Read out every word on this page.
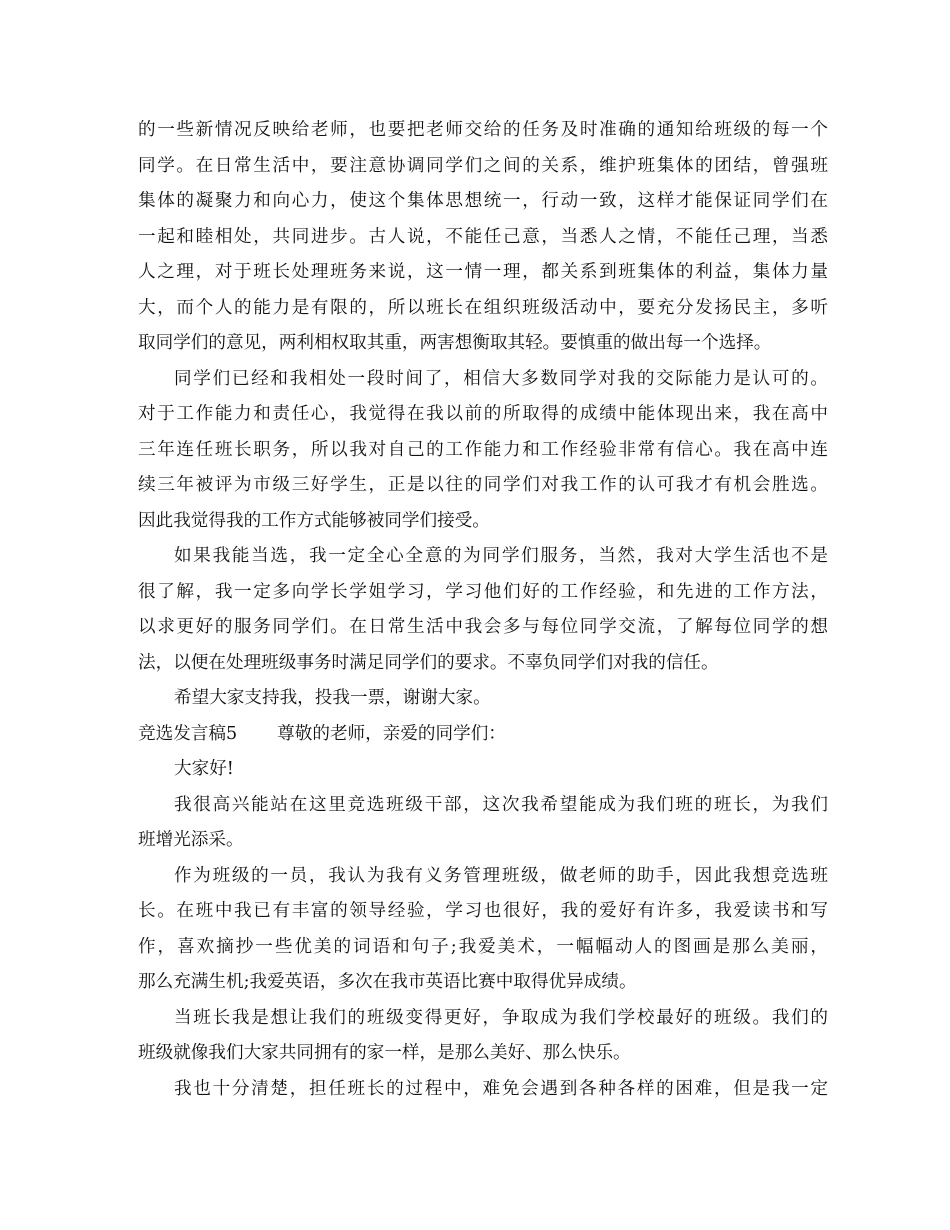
的一些新情况反映给老师，也要把老师交给的任务及时准确的通知给班级的每一个
同学。在日常生活中，要注意协调同学们之间的关系，维护班集体的团结，曾强班
集体的凝聚力和向心力，使这个集体思想统一，行动一致，这样才能保证同学们在
一起和睦相处，共同进步。古人说，不能任己意，当悉人之情，不能任己理，当悉
人之理，对于班长处理班务来说，这一情一理，都关系到班集体的利益，集体力量
大，而个人的能力是有限的，所以班长在组织班级活动中，要充分发扬民主，多听
取同学们的意见，两利相权取其重，两害想衡取其轻。要慎重的做出每一个选择。
同学们已经和我相处一段时间了，相信大多数同学对我的交际能力是认可的。
对于工作能力和责任心，我觉得在我以前的所取得的成绩中能体现出来，我在高中
三年连任班长职务，所以我对自己的工作能力和工作经验非常有信心。我在高中连
续三年被评为市级三好学生，正是以往的同学们对我工作的认可我才有机会胜选。
因此我觉得我的工作方式能够被同学们接受。
如果我能当选，我一定全心全意的为同学们服务，当然，我对大学生活也不是
很了解，我一定多向学长学姐学习，学习他们好的工作经验，和先进的工作方法，
以求更好的服务同学们。在日常生活中我会多与每位同学交流，了解每位同学的想
法，以便在处理班级事务时满足同学们的要求。不辜负同学们对我的信任。
希望大家支持我，投我一票，谢谢大家。
竞选发言稿5 尊敬的老师，亲爱的同学们：
大家好!
我很高兴能站在这里竞选班级干部，这次我希望能成为我们班的班长，为我们
班增光添采。
作为班级的一员，我认为我有义务管理班级，做老师的助手，因此我想竞选班
长。在班中我已有丰富的领导经验，学习也很好，我的爱好有许多，我爱读书和写
作，喜欢摘抄一些优美的词语和句子;我爱美术，一幅幅动人的图画是那么美丽，
那么充满生机;我爱英语，多次在我市英语比赛中取得优异成绩。
当班长我是想让我们的班级变得更好，争取成为我们学校最好的班级。我们的
班级就像我们大家共同拥有的家一样，是那么美好、那么快乐。
我也十分清楚，担任班长的过程中，难免会遇到各种各样的困难，但是我一定
